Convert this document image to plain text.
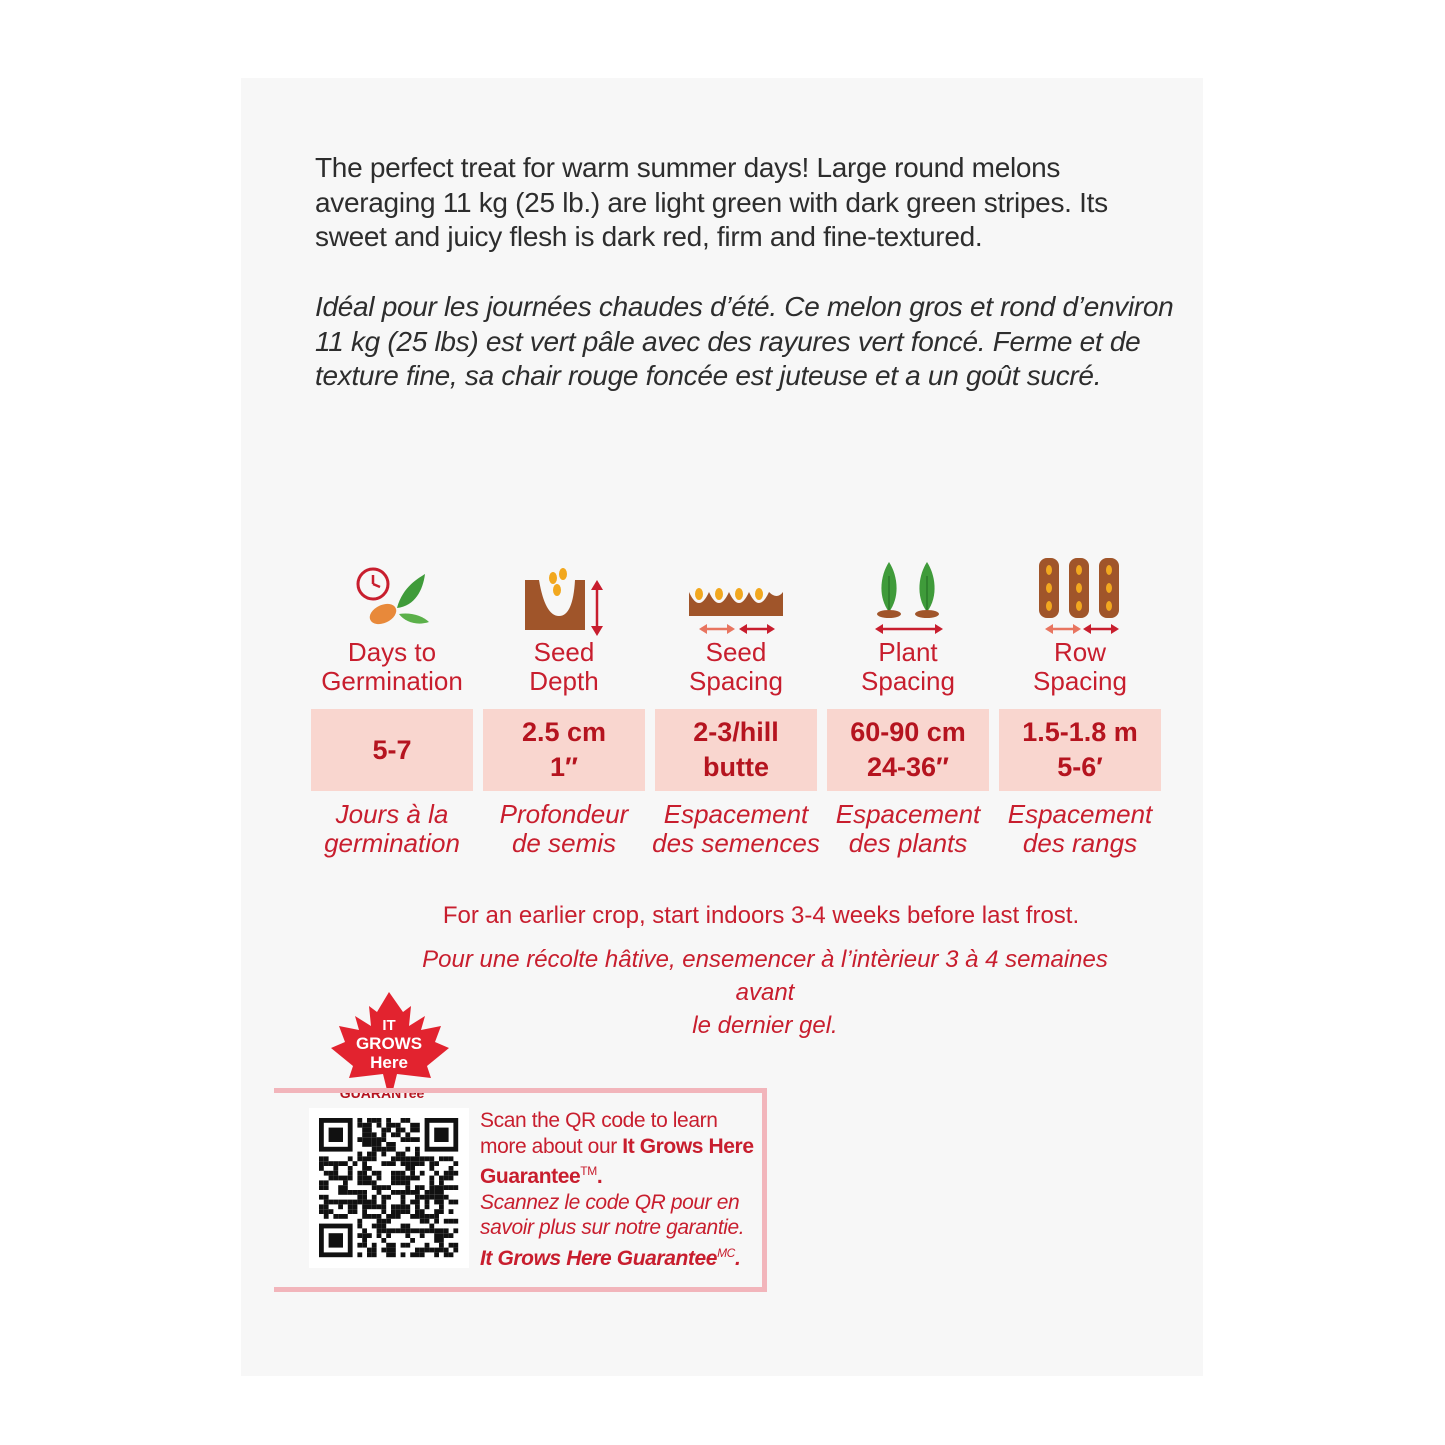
The perfect treat for warm summer days! Large round melons averaging 11 kg (25 lb.) are light green with dark green stripes. Its sweet and juicy flesh is dark red, firm and fine-textured.
Idéal pour les journées chaudes d’été. Ce melon gros et rond d’environ 11 kg (25 lbs) est vert pâle avec des rayures vert foncé. Ferme et de texture fine, sa chair rouge foncée est juteuse et a un goût sucré.
Days to
Germination
5-7
Jours à la
germination
Seed
Depth
2.5 cm
1″
Profondeur
de semis
Seed
Spacing
2-3/hill
butte
Espacement
des semences
Plant
Spacing
60-90 cm
24-36″
Espacement
des plants
Row
Spacing
1.5-1.8 m
5-6′
Espacement
des rangs
For an earlier crop, start indoors 3-4 weeks before last frost.
Pour une récolte hâtive, ensemencer à l’intèrieur 3 à 4 semaines avant
le dernier gel.
IT
GROWS
Here
GUARANTee™
Scan the QR code to learn more about our It Grows Here Guarantee™.
Scannez le code QR pour en savoir plus sur notre garantie. It Grows Here Guarantee$^{MC}$.
